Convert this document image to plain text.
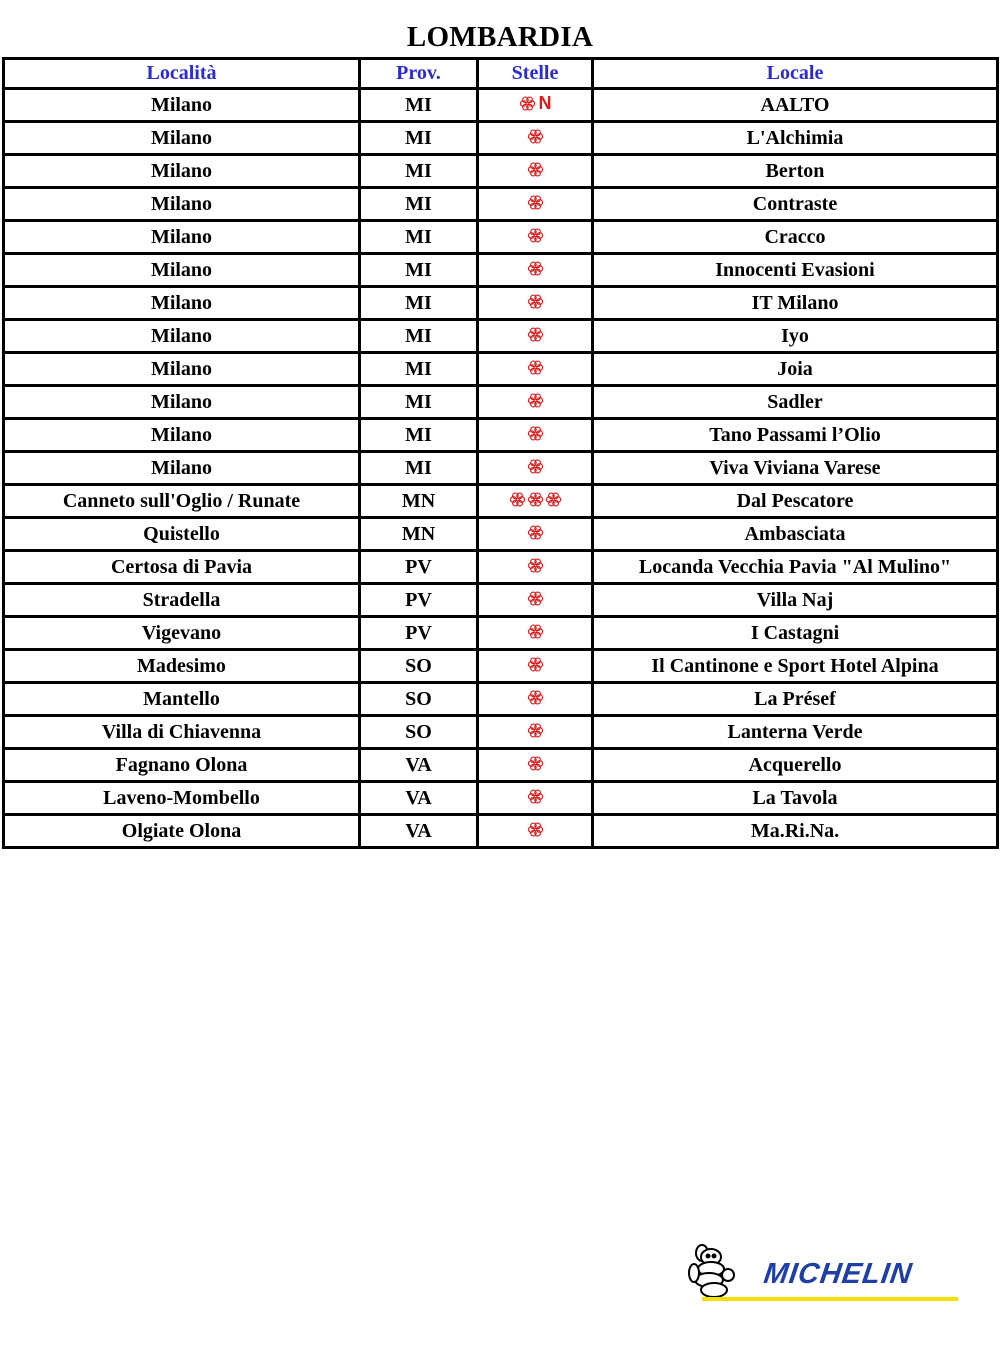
LOMBARDIA
Località	Prov.	Stelle	Locale
Milano	MI	N	AALTO
Milano	MI		L'Alchimia
Milano	MI		Berton
Milano	MI		Contraste
Milano	MI		Cracco
Milano	MI		Innocenti Evasioni
Milano	MI		IT Milano
Milano	MI		Iyo
Milano	MI		Joia
Milano	MI		Sadler
Milano	MI		Tano Passami l’Olio
Milano	MI		Viva Viviana Varese
Canneto sull'Oglio / Runate	MN		Dal Pescatore
Quistello	MN		Ambasciata
Certosa di Pavia	PV		Locanda Vecchia Pavia "Al Mulino"
Stradella	PV		Villa Naj
Vigevano	PV		I Castagni
Madesimo	SO		Il Cantinone e Sport Hotel Alpina
Mantello	SO		La Présef
Villa di Chiavenna	SO		Lanterna Verde
Fagnano Olona	VA		Acquerello
Laveno-Mombello	VA		La Tavola
Olgiate Olona	VA		Ma.Ri.Na.
MICHELIN
